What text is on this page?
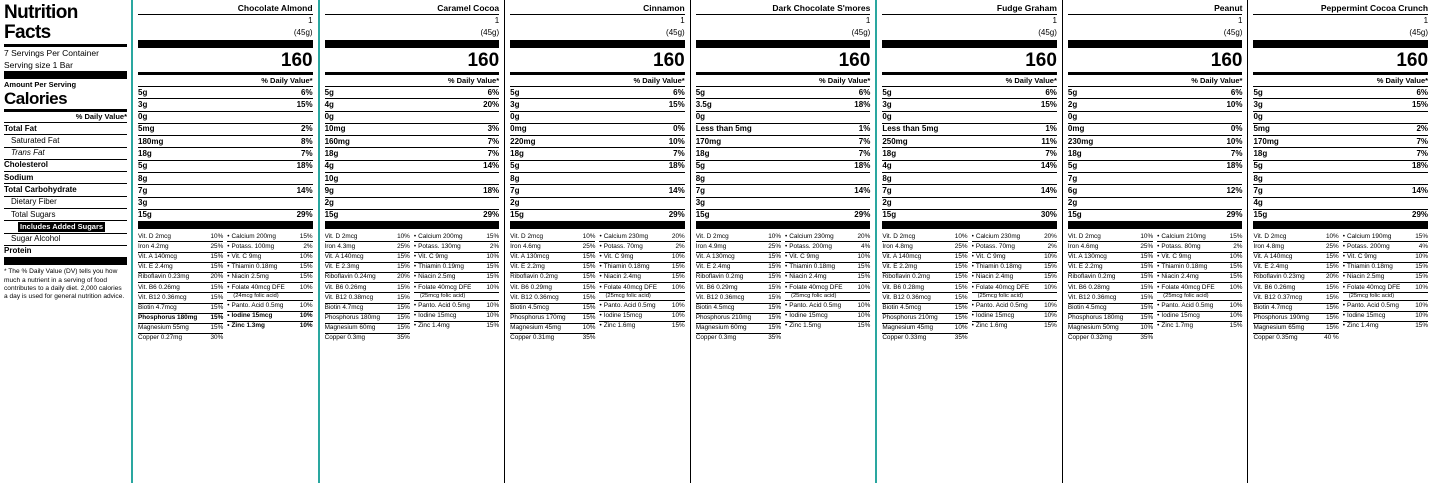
Nutrition Facts
7 Servings Per Container
Serving size 1 Bar
Amount Per Serving
Calories
% Daily Value*
Total Fat
Saturated Fat
Trans Fat
Cholesterol
Sodium
Total Carbohydrate
Dietary Fiber
Total Sugars
Includes Added Sugars
Sugar Alcohol
Protein
* The % Daily Value (DV) tells you how much a nutrient in a serving of food contributes to a daily diet. 2,000 calories a day is used for general nutrition advice.
Chocolate Almond
1
(45g)
160
% Daily Value*
5g	6%
3g	15%
0g
5mg	2%
180mg	8%
18g	7%
5g	18%
8g
7g	14%
3g
15g	29%
Vit. D 2mcg	10%
Iron 4.2mg	25%
Vit. A 140mcg	15%
Vit. E 2.4mg	15%
Riboflavin 0.23mg	20%
Vit. B6 0.26mg	15%
Vit. B12 0.36mcg	15%
Biotin 4.7mcg	15%
Phosphorus 180mg	15%
Magnesium 55mg	15%
Copper 0.27mg	30%
• Calcium 200mg	15%
• Potass. 100mg	2%
• Vit. C 9mg	10%
• Thiamin 0.18mg	15%
• Niacin 2.5mg	15%
• Folate 40mcg DFE	10%
(24mcg folic acid)
• Panto. Acid 0.5mg	10%
• Iodine 15mcg	10%
• Zinc 1.3mg	10%
Caramel Cocoa
1
(45g)
160
% Daily Value*
5g	6%
4g	20%
0g
10mg	3%
160mg	7%
18g	7%
4g	14%
10g
9g	18%
2g
15g	29%
Vit. D 2mcg	10%
Iron 4.3mg	25%
Vit. A 140mcg	15%
Vit. E 2.3mg	15%
Riboflavin 0.24mg	20%
Vit. B6 0.26mg	15%
Vit. B12 0.38mcg	15%
Biotin 4.7mcg	15%
Phosphorus 180mg	15%
Magnesium 60mg	15%
Copper 0.3mg	35%
• Calcium 200mg	15%
• Potass. 130mg	2%
• Vit. C 9mg	10%
• Thiamin 0.19mg	15%
• Niacin 2.5mg	15%
• Folate 40mcg DFE	10%
(25mcg folic acid)
• Panto. Acid 0.5mg	10%
• Iodine 15mcg	10%
• Zinc 1.4mg	15%
Cinnamon
1
(45g)
160
% Daily Value*
5g	6%
3g	15%
0g
0mg	0%
220mg	10%
18g	7%
5g	18%
8g
7g	14%
2g
15g	29%
Vit. D 2mcg	10%
Iron 4.6mg	25%
Vit. A 130mcg	15%
Vit. E 2.2mg	15%
Riboflavin 0.2mg	15%
Vit. B6 0.29mg	15%
Vit. B12 0.36mcg	15%
Biotin 4.5mcg	15%
Phosphorus 170mg	15%
Magnesium 45mg	10%
Copper 0.31mg	35%
• Calcium 230mg	20%
• Potass. 70mg	2%
• Vit. C 9mg	10%
• Thiamin 0.18mg	15%
• Niacin 2.4mg	15%
• Folate 40mcg DFE	10%
(25mcg folic acid)
• Panto. Acid 0.5mg	10%
• Iodine 15mcg	10%
• Zinc 1.6mg	15%
Dark Chocolate S'mores
1
(45g)
160
% Daily Value*
5g	6%
3.5g	18%
0g
Less than 5mg	1%
170mg	7%
18g	7%
5g	18%
8g
7g	14%
3g
15g	29%
Vit. D 2mcg	10%
Iron 4.9mg	25%
Vit. A 130mcg	15%
Vit. E 2.4mg	15%
Riboflavin 0.2mg	15%
Vit. B6 0.29mg	15%
Vit. B12 0.36mcg	15%
Biotin 4.5mcg	15%
Phosphorus 210mg	15%
Magnesium 60mg	15%
Copper 0.3mg	35%
• Calcium 230mg	20%
• Potass. 200mg	4%
• Vit. C 9mg	10%
• Thiamin 0.18mg	15%
• Niacin 2.4mg	15%
• Folate 40mcg DFE	10%
(25mcg folic acid)
• Panto. Acid 0.5mg	10%
• Iodine 15mcg	10%
• Zinc 1.5mg	15%
Fudge Graham
1
(45g)
160
% Daily Value*
5g	6%
3g	15%
0g
Less than 5mg	1%
250mg	11%
18g	7%
4g	14%
8g
7g	14%
2g
15g	30%
Vit. D 2mcg	10%
Iron 4.8mg	25%
Vit. A 140mcg	15%
Vit. E 2.2mg	15%
Riboflavin 0.2mg	15%
Vit. B6 0.28mg	15%
Vit. B12 0.36mcg	15%
Biotin 4.5mcg	15%
Phosphorus 210mg	15%
Magnesium 45mg	10%
Copper 0.33mg	35%
• Calcium 230mg	20%
• Potass. 70mg	2%
• Vit. C 9mg	10%
• Thiamin 0.18mg	15%
• Niacin 2.4mg	15%
• Folate 40mcg DFE	10%
(25mcg folic acid)
• Panto. Acid 0.5mg	10%
• Iodine 15mcg	10%
• Zinc 1.6mg	15%
Peanut
1
(45g)
160
% Daily Value*
5g	6%
2g	10%
0g
0mg	0%
230mg	10%
18g	7%
5g	18%
7g
6g	12%
2g
15g	29%
Vit. D 2mcg	10%
Iron 4.6mg	25%
Vit. A 130mcg	15%
Vit. E 2.2mg	15%
Riboflavin 0.2mg	15%
Vit. B6 0.28mg	15%
Vit. B12 0.36mcg	15%
Biotin 4.5mcg	15%
Phosphorus 180mg	15%
Magnesium 50mg	10%
Copper 0.32mg	35%
• Calcium 210mg	15%
• Potass. 80mg	2%
• Vit. C 9mg	10%
• Thiamin 0.18mg	15%
• Niacin 2.4mg	15%
• Folate 40mcg DFE	10%
(25mcg folic acid)
• Panto. Acid 0.5mg	10%
• Iodine 15mcg	10%
• Zinc 1.7mg	15%
Peppermint Cocoa Crunch
1
(45g)
160
% Daily Value*
5g	6%
3g	15%
0g
5mg	2%
170mg	7%
18g	7%
5g	18%
8g
7g	14%
4g
15g	29%
Vit. D 2mcg	10%
Iron 4.8mg	25%
Vit. A 140mcg	15%
Vit. E 2.4mg	15%
Riboflavin 0.23mg	20%
Vit. B6 0.26mg	15%
Vit. B12 0.37mcg	15%
Biotin 4.7mcg	15%
Phosphorus 190mg	15%
Magnesium 65mg	15%
Copper 0.35mg	40 %
• Calcium 190mg	15%
• Potass. 200mg	4%
• Vit. C 9mg	10%
• Thiamin 0.18mg	15%
• Niacin 2.5mg	15%
• Folate 40mcg DFE	10%
(25mcg folic acid)
• Panto. Acid 0.5mg	10%
• Iodine 15mcg	10%
• Zinc 1.4mg	15%
